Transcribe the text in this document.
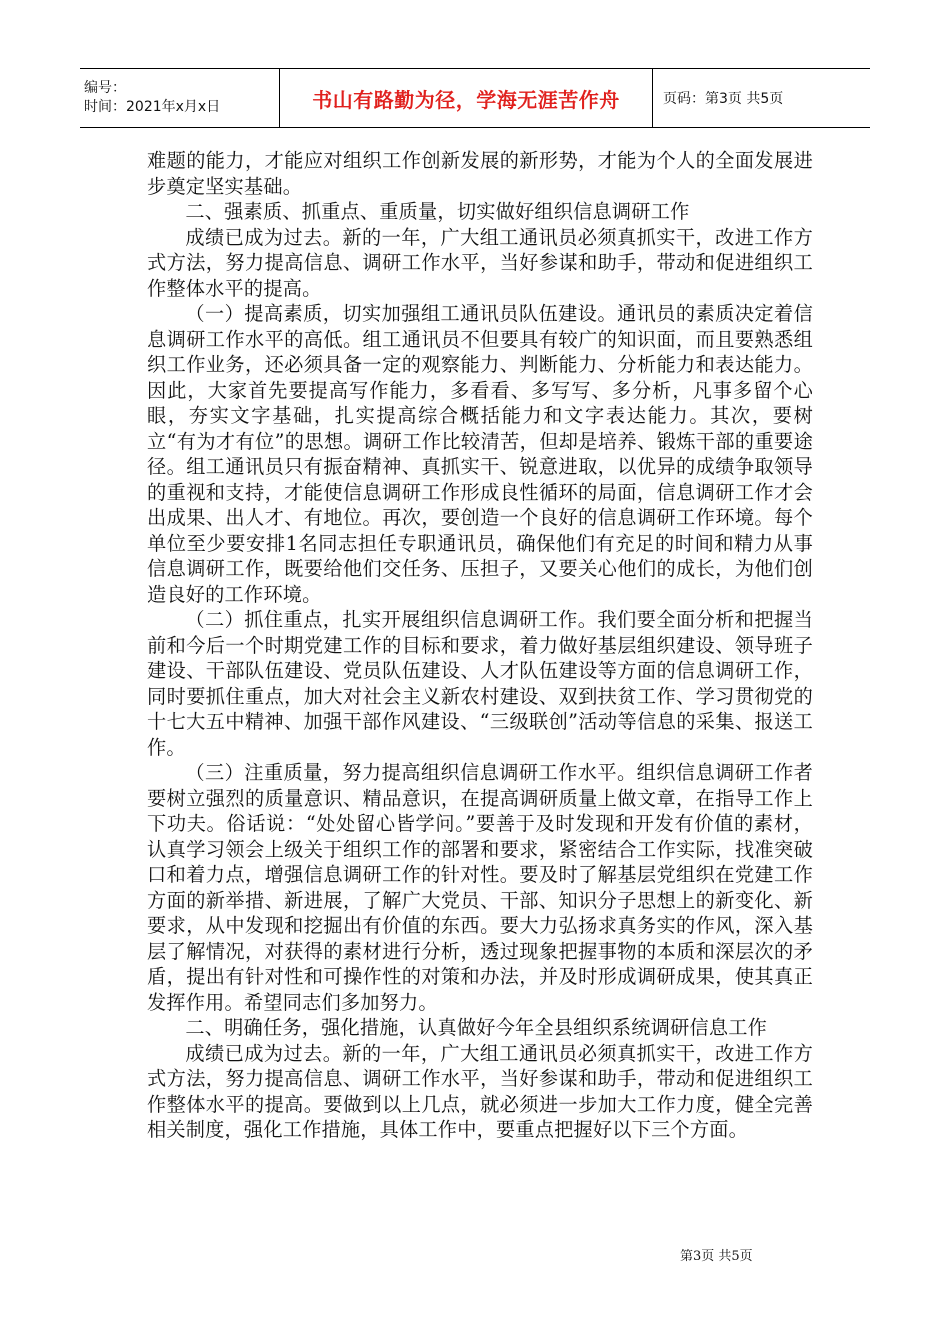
编号：
时间：2021年x月x日	书山有路勤为径，学海无涯苦作舟	页码：第3页 共5页

难题的能力，才能应对组织工作创新发展的新形势，才能为个人的全面发展进步奠定坚实基础。

二、强素质、抓重点、重质量，切实做好组织信息调研工作

成绩已成为过去。新的一年，广大组工通讯员必须真抓实干，改进工作方式方法，努力提高信息、调研工作水平，当好参谋和助手，带动和促进组织工作整体水平的提高。

（一）提高素质，切实加强组工通讯员队伍建设。通讯员的素质决定着信息调研工作水平的高低。组工通讯员不但要具有较广的知识面，而且要熟悉组织工作业务，还必须具备一定的观察能力、判断能力、分析能力和表达能力。因此，大家首先要提高写作能力，多看看、多写写、多分析，凡事多留个心眼，夯实文字基础，扎实提高综合概括能力和文字表达能力。其次，要树立“有为才有位”的思想。调研工作比较清苦，但却是培养、锻炼干部的重要途径。组工通讯员只有振奋精神、真抓实干、锐意进取，以优异的成绩争取领导的重视和支持，才能使信息调研工作形成良性循环的局面，信息调研工作才会出成果、出人才、有地位。再次，要创造一个良好的信息调研工作环境。每个单位至少要安排1名同志担任专职通讯员，确保他们有充足的时间和精力从事信息调研工作，既要给他们交任务、压担子，又要关心他们的成长，为他们创造良好的工作环境。

（二）抓住重点，扎实开展组织信息调研工作。我们要全面分析和把握当前和今后一个时期党建工作的目标和要求，着力做好基层组织建设、领导班子建设、干部队伍建设、党员队伍建设、人才队伍建设等方面的信息调研工作，同时要抓住重点，加大对社会主义新农村建设、双到扶贫工作、学习贯彻党的十七大五中精神、加强干部作风建设、“三级联创”活动等信息的采集、报送工作。

（三）注重质量，努力提高组织信息调研工作水平。组织信息调研工作者要树立强烈的质量意识、精品意识，在提高调研质量上做文章，在指导工作上下功夫。俗话说：“处处留心皆学问。”要善于及时发现和开发有价值的素材，认真学习领会上级关于组织工作的部署和要求，紧密结合工作实际，找准突破口和着力点，增强信息调研工作的针对性。要及时了解基层党组织在党建工作方面的新举措、新进展，了解广大党员、干部、知识分子思想上的新变化、新要求，从中发现和挖掘出有价值的东西。要大力弘扬求真务实的作风，深入基层了解情况，对获得的素材进行分析，透过现象把握事物的本质和深层次的矛盾，提出有针对性和可操作性的对策和办法，并及时形成调研成果，使其真正发挥作用。希望同志们多加努力。

二、明确任务，强化措施，认真做好今年全县组织系统调研信息工作

成绩已成为过去。新的一年，广大组工通讯员必须真抓实干，改进工作方式方法，努力提高信息、调研工作水平，当好参谋和助手，带动和促进组织工作整体水平的提高。要做到以上几点，就必须进一步加大工作力度，健全完善相关制度，强化工作措施，具体工作中，要重点把握好以下三个方面。

第3页 共5页
